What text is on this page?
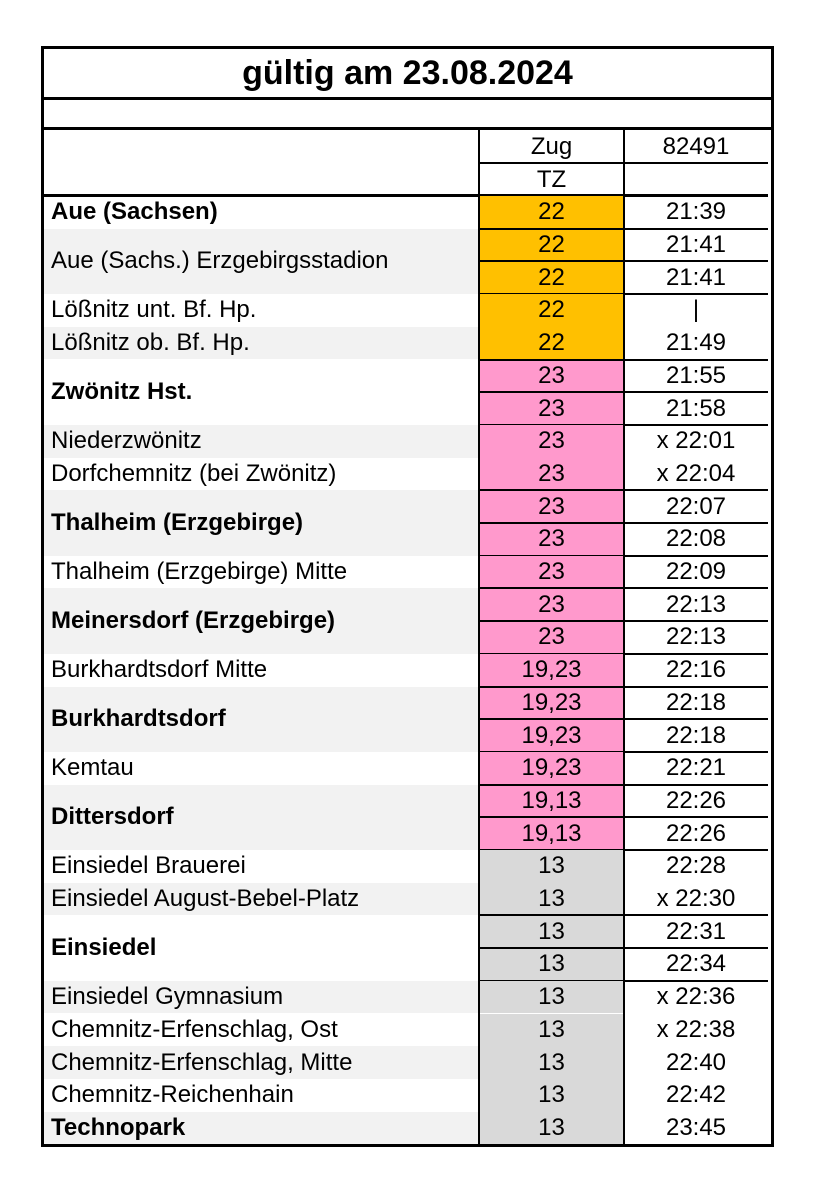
gültig am 23.08.2024
Zug	82491
TZ
Aue (Sachsen)	22	21:39
Aue (Sachs.) Erzgebirgsstadion
22	21:41
22	21:41
Lößnitz unt. Bf. Hp.	22	|
Lößnitz ob. Bf. Hp.	22	21:49
Zwönitz Hst.
23	21:55
23	21:58
Niederzwönitz	23	x 22:01
Dorfchemnitz (bei Zwönitz)	23	x 22:04
Thalheim (Erzgebirge)
23	22:07
23	22:08
Thalheim (Erzgebirge) Mitte	23	22:09
Meinersdorf (Erzgebirge)
23	22:13
23	22:13
Burkhardtsdorf Mitte	19,23	22:16
Burkhardtsdorf
19,23	22:18
19,23	22:18
Kemtau	19,23	22:21
Dittersdorf
19,13	22:26
19,13	22:26
Einsiedel Brauerei	13	22:28
Einsiedel August-Bebel-Platz	13	x 22:30
Einsiedel
13	22:31
13	22:34
Einsiedel Gymnasium	13	x 22:36
Chemnitz-Erfenschlag, Ost	13	x 22:38
Chemnitz-Erfenschlag, Mitte	13	22:40
Chemnitz-Reichenhain	13	22:42
Technopark	13	23:45
